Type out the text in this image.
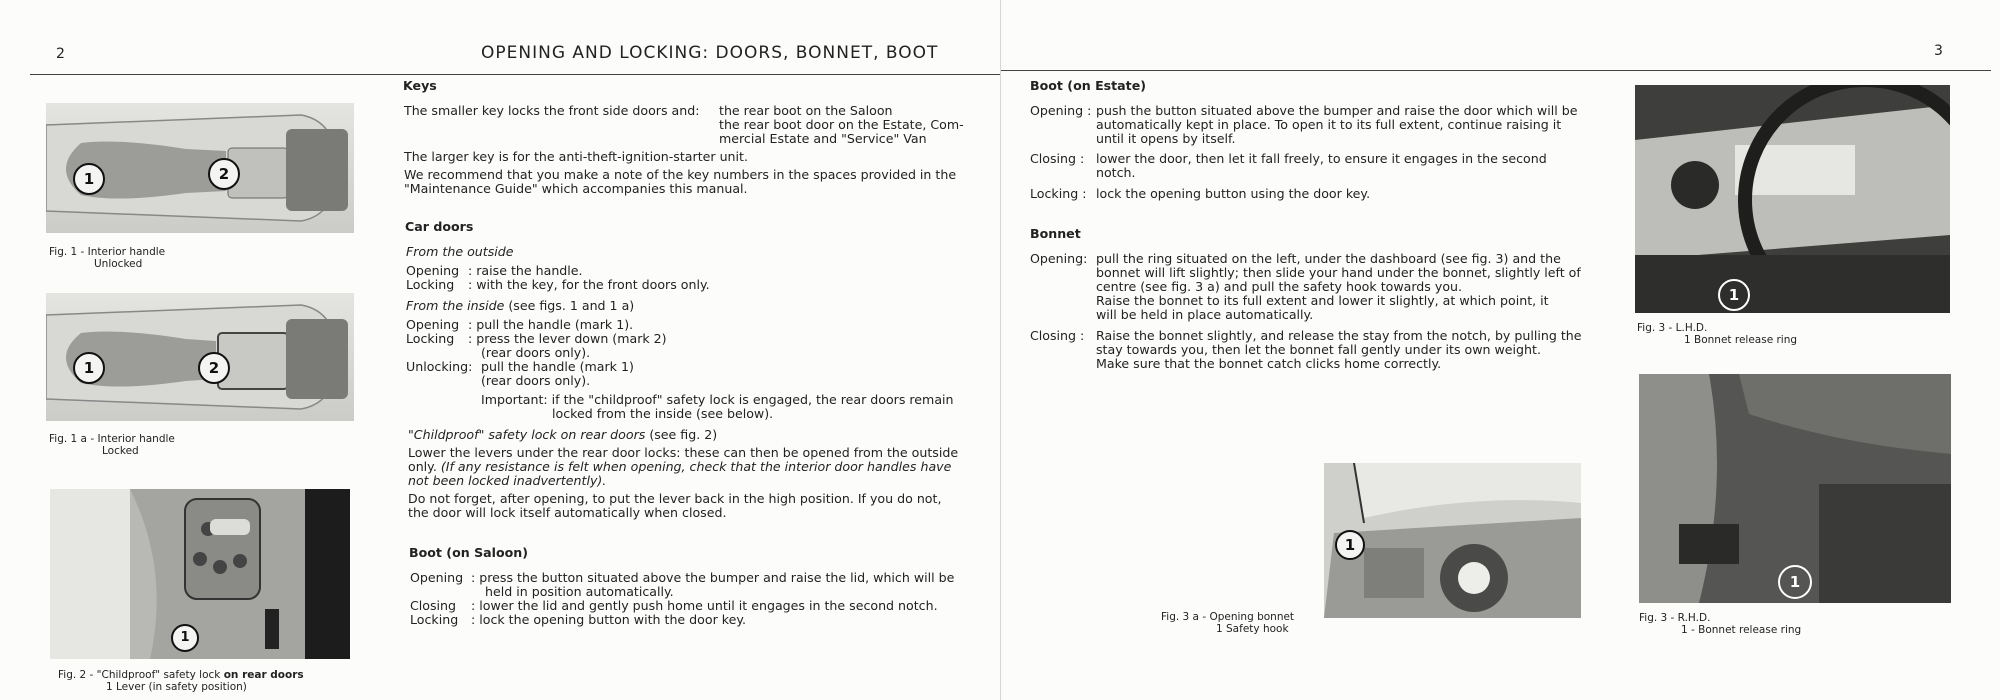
2	OPENING AND LOCKING: DOORS, BONNET, BOOT
1	2
Fig. 1 - Interior handle
Unlocked
1	2
Fig. 1 a - Interior handle
Locked
1
Fig. 2 - "Childproof" safety lock on rear doors
1 Lever (in safety position)
Keys
The smaller key locks the front side doors and: the rear boot on the Saloon
the rear boot door on the Estate, Com-
mercial Estate and "Service" Van
The larger key is for the anti-theft-ignition-starter unit.
We recommend that you make a note of the key numbers in the spaces provided in the
"Maintenance Guide" which accompanies this manual.
Car doors
From the outside
Opening : raise the handle.
Locking : with the key, for the front doors only.
From the inside (see figs. 1 and 1 a)
Opening : pull the handle (mark 1).
Locking : press the lever down (mark 2)
(rear doors only).
Unlocking: pull the handle (mark 1)
(rear doors only).
Important: if the "childproof" safety lock is engaged, the rear doors remain
locked from the inside (see below).
"Childproof" safety lock on rear doors (see fig. 2)
Lower the levers under the rear door locks: these can then be opened from the outside
only. (If any resistance is felt when opening, check that the interior door handles have
not been locked inadvertently).
Do not forget, after opening, to put the lever back in the high position. If you do not,
the door will lock itself automatically when closed.
Boot (on Saloon)
Opening : press the button situated above the bumper and raise the lid, which will be
held in position automatically.
Closing : lower the lid and gently push home until it engages in the second notch.
Locking : lock the opening button with the door key.
3
Boot (on Estate)
Opening : push the button situated above the bumper and raise the door which will be
automatically kept in place. To open it to its full extent, continue raising it
until it opens by itself.
Closing : lower the door, then let it fall freely, to ensure it engages in the second
notch.
Locking : lock the opening button using the door key.
Bonnet
Opening: pull the ring situated on the left, under the dashboard (see fig. 3) and the
bonnet will lift slightly; then slide your hand under the bonnet, slightly left of
centre (see fig. 3 a) and pull the safety hook towards you.
Raise the bonnet to its full extent and lower it slightly, at which point, it
will be held in place automatically.
Closing : Raise the bonnet slightly, and release the stay from the notch, by pulling the
stay towards you, then let the bonnet fall gently under its own weight.
Make sure that the bonnet catch clicks home correctly.
1
Fig. 3 a - Opening bonnet
1 Safety hook
1
Fig. 3 - L.H.D.
1 Bonnet release ring
1
Fig. 3 - R.H.D.
1 - Bonnet release ring
